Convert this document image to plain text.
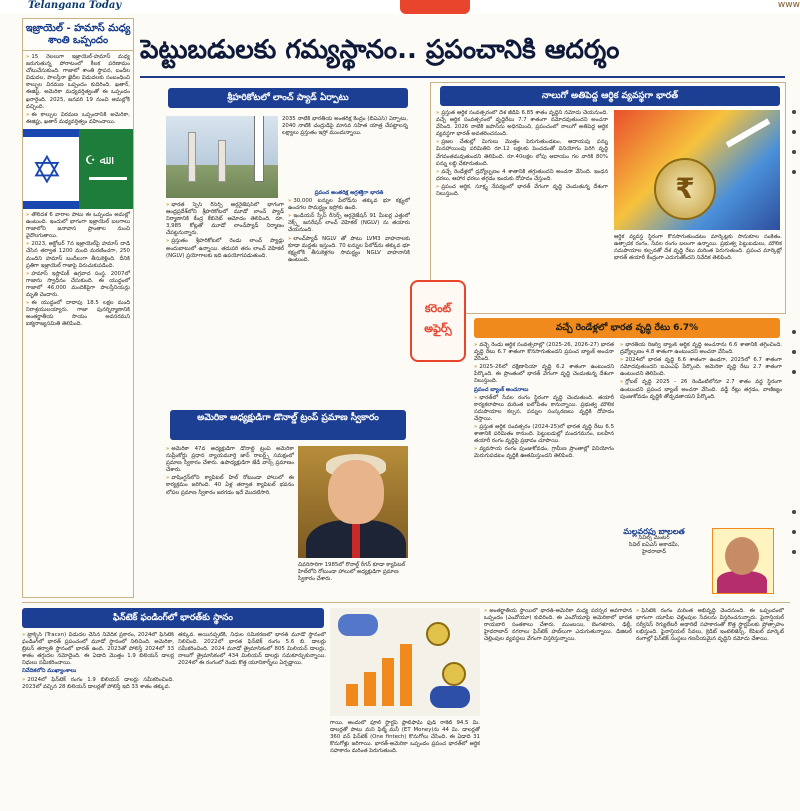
Telangana Today	www
ఇజ్రాయెల్ - హమాస్ మధ్య శాంతి ఒప్పందం

» 15 నెలలుగా ఇజ్రాయెల్-హమాస్ మధ్య జరుగుతున్న పోరాటంలో కీలక పరిణామం చోటుచేసుకుంది. గాజాలో శాంతి స్థాపన, బందీల విడుదల, పాలస్తీనా ఖైదీల విడుదలకు సంబంధించి కాల్పుల విరమణ ఒప్పందం కుదిరింది. ఖతార్, ఈజిప్ట్, అమెరికా మధ్యవర్తిత్వంతో ఈ ఒప్పందం ఖరారైంది. 2025, జనవరి 19 నుంచి అమల్లోకి వచ్చింది.

» ఈ కాల్పుల విరమణ ఒప్పందానికి అమెరికా, ఈజిప్టు, ఖతార్ మధ్యవర్తిత్వం వహించాయి.

✡ ☪ ﷲ

» తొలిదశ 6 వారాల పాటు ఈ ఒప్పందం అమల్లో ఉంటుంది. ఇందులో భాగంగా ఇజ్రాయెల్ బలగాలు గాజాలోని జనావాస ప్రాంతాల నుంచి వైదొలగుతాయి.

» 2023, అక్టోబర్ 7న ఇజ్రాయెల్‌పై హమాస్ దాడి చేసిన తర్వాత 1200 మంది మరణించగా, 250 మందిని హమాస్ బందీలుగా తీసుకెళ్లింది. దీనికి ప్రతిగా ఇజ్రాయెల్ గాజాపై విరుచుకుపడింది.

» హమాస్ ఇస్లామిక్ ఉగ్రవాద సంస్థ. 2007లో గాజాను స్వాధీనం చేసుకుంది. ఈ యుద్ధంలో గాజాలో 46,000 మందికిపైగా పాలస్తీనియన్లు మృతి చెందారు.

» ఈ యుద్ధంలో దాదాపు 18.5 లక్షల మంది నిరాశ్రయులయ్యారు. గాజా పునర్నిర్మాణానికి అంతర్జాతీయ సాయం అవసరమని ఐక్యరాజ్యసమితి తెలిపింది.

పెట్టుబడులకు గమ్యస్థానం.. ప్రపంచానికి ఆదర్శం
శ్రీహరికోటలో లాంచ్ ప్యాడ్ ఏర్పాటు

2035 నాటికి భారతీయ అంతరిక్ష కేంద్రం (బీఏఎస్) ఏర్పాటు, 2040 నాటికి చంద్రుడిపై మానవ సహిత యాత్ర చేపట్టాలన్న లక్ష్యాలు ప్రస్తుతం ఇస్రో ముందున్నాయి.

» భారత స్పేస్ రీసెర్చ్ ఆర్గనైజేషన్‌లో భాగంగా ఆంధ్రప్రదేశ్‌లోని శ్రీహరికోటలో మూడో లాంచ్ ప్యాడ్ నిర్మాణానికి కేంద్ర కేబినెట్ ఆమోదం తెలిపింది. రూ. 3,985 కోట్లతో మూడో లాంచ్‌ప్యాడ్ నిర్మాణం చేపట్టనున్నారు.

» ప్రస్తుతం శ్రీహరికోటలో రెండు లాంచ్ ప్యాడ్లు అందుబాటులో ఉన్నాయి. తదుపరి తరం లాంచ్ వెహికల్ (NGLV) ప్రయోగాలకు ఇది ఉపయోగపడుతుంది.

ప్రపంచ అంతరిక్ష అగ్రశక్తిగా భారత్

» 30,000 టన్నుల పేలోడ్‌ను తక్కువ భూ కక్ష్యలో ఉంచగల సామర్థ్యం ఇస్రోకు ఉంది.

» ఇండియన్ స్పేస్ రీసెర్చ్ ఆర్గనైజేషన్ 91 మీటర్ల ఎత్తులో నెక్స్ట్ జనరేషన్ లాంచ్ వెహికల్ (NGLV) ను తయారు చేయనుంది.

» లాంచ్‌ప్యాడ్ NGLV తో పాటు LVM3 వాహనాలకు కూడా మద్దతు ఇస్తుంది. 70 టన్నుల పేలోడ్‌ను తక్కువ భూ కక్ష్యలోకి తీసుకెళ్లగల సామర్థ్యం NGLV వాహనానికి ఉంటుంది.

నాలుగో అతిపెద్ద ఆర్థిక వ్యవస్థగా భారత్

» ప్రస్తుత ఆర్థిక సంవత్సరంలో దేశ జీడీపీ 6.85 శాతం వృద్ధిని నమోదు చేయనుంది. వచ్చే ఆర్థిక సంవత్సరంలో వృద్ధిరేటు 7.7 శాతంగా నమోదవుతుందని అంచనా వేసింది. 2026 నాటికి జపాన్‌ను అధిగమించి, ప్రపంచంలో నాలుగో అతిపెద్ద ఆర్థిక వ్యవస్థగా భారత్ అవతరించనుంది.

» ప్రజల చేతుల్లో మిగులు మొత్తం పెరుగుతుండటం, ఆదాయపు పన్ను మినహాయింపు పరిమితిని రూ.12 లక్షలకు పెంచడంతో వినియోగం పెరిగి వృద్ధి వేగవంతమవుతుందని తెలిపింది. రూ.40లక్షల లోపు ఆదాయం గల వారికి 80% పన్ను లబ్ధి చేకూరుతుంది.

» వచ్చే రెండేళ్లలో ద్రవ్యోల్బణం 4 శాతానికి తగ్గుతుందని అంచనా వేసింది. ఇంధన ధరలు, ఆహార ధరలు తగ్గడం ఇందుకు దోహదం చేస్తుంది.

» ప్రపంచ ఆర్థిక, సూక్ష్మ నేపథ్యంలో భారత్ వేగంగా వృద్ధి చెందుతున్న దేశంగా నిలుస్తుంది.	₹
ఆర్థిక వ్యవస్థ స్థిరంగా కొనసాగుతుండటం మార్కెట్లకు సానుకూల సంకేతం. ఉత్పాదక రంగం, సేవల రంగం బలంగా ఉన్నాయి. ప్రభుత్వ పెట్టుబడులు, మౌలిక సదుపాయాల కల్పనతో దేశ వృద్ధి రేటు మరింత పెరుగుతుంది. ప్రపంచ మార్కెట్లో భారత్ తయారీ కేంద్రంగా ఎదుగుతోందని నివేదిక తెలిపింది.
కరెంట్
అఫైర్స్
అమెరికా అధ్యక్షుడిగా డొనాల్డ్ ట్రంప్ ప్రమాణ స్వీకారం

» అమెరికా 47వ అధ్యక్షుడిగా డొనాల్డ్ ట్రంప్ అమెరికా సుప్రీంకోర్టు ప్రధాన న్యాయమూర్తి జాన్ రాబర్ట్స్ సమక్షంలో ప్రమాణ స్వీకారం చేశారు. ఉపాధ్యక్షుడిగా జేడీ వాన్స్ ప్రమాణం చేశారు.

» వాషింగ్టన్‌లోని క్యాపిటల్ హిల్ రోటుండా హాలులో ఈ కార్యక్రమం జరిగింది. 40 ఏళ్ల తర్వాత క్యాపిటల్ భవనం లోపల ప్రమాణ స్వీకారం జరగడం ఇదే మొదటిసారి.

చివరిసారిగా 1985లో రొనాల్డ్ రీగన్ కూడా క్యాపిటల్ హిల్‌లోని రోటుండా హాలులో అధ్యక్షుడిగా ప్రమాణ స్వీకారం చేశారు.
వచ్చే రెండేళ్లలో భారత వృద్ధి రేటు 6.7%

» వచ్చే రెండు ఆర్థిక సంవత్సరాల్లో (2025-26, 2026-27) భారత వృద్ధి రేటు 6.7 శాతంగా కొనసాగుతుందని ప్రపంచ బ్యాంక్ అంచనా వేసింది.

» 2025-26లో దక్షిణాసియా వృద్ధి 6.2 శాతంగా ఉంటుందని పేర్కొంది. ఈ ప్రాంతంలో భారత్ వేగంగా వృద్ధి చెందుతున్న దేశంగా నిలుస్తుంది.

ప్రపంచ బ్యాంక్ అంచనాలు

» భారత్‌లో సేవల రంగం స్థిరంగా వృద్ధి చెందుతుంది. తయారీ కార్యకలాపాలు మరింత బలోపేతం కానున్నాయి. ప్రభుత్వ మౌలిక సదుపాయాల కల్పన, పన్నుల సంస్కరణలు వృద్ధికి దోహదం చేస్తాయి.

» ప్రస్తుత ఆర్థిక సంవత్సరం (2024-25)లో భారత వృద్ధి రేటు 6.5 శాతానికి పరిమితం కానుంది. పెట్టుబడుల్లో మందగమనం, బలహీన తయారీ రంగం వృద్ధిపై ప్రభావం చూపాయి.

» వ్యవసాయ రంగం పుంజుకోవడం, గ్రామీణ ప్రాంతాల్లో వినియోగం మెరుగుపడటం వృద్ధికి ఊతమిస్తుందని తెలిపింది.

» భారతీయ రిజర్వ్ బ్యాంక్ ఆర్థిక వృద్ధి అంచనాను 6.6 శాతానికి తగ్గించింది. ద్రవ్యోల్బణం 4.8 శాతంగా ఉంటుందని అంచనా వేసింది.

» 2024లో భారత వృద్ధి 6.6 శాతంగా ఉండగా, 2025లో 6.7 శాతంగా నమోదవుతుందని ఐఎంఎఫ్ పేర్కొంది. అమెరికా వృద్ధి రేటు 2.7 శాతంగా ఉంటుందని తెలిపింది.

» గ్లోబల్ వృద్ధి 2025 - 26 రెండింటిలోనూ 2.7 శాతం వద్ద స్థిరంగా ఉంటుందని ప్రపంచ బ్యాంక్ అంచనా వేసింది. వడ్డీ రేట్లు తగ్గడం, వాణిజ్యం పుంజుకోవడం వృద్ధికి తోడ్పడతాయని పేర్కొంది.

మల్లవరపు బాలలత
సివిల్స్ మెంటర్
సివిల్ ఐఏఎస్ అకాడమీ,
హైదరాబాద్
ఫిన్‌టెక్ ఫండింగ్‌లో భారత్‌కు స్థానం

» ట్రాక్స్‌న్ (Tracxn) విడుదల చేసిన నివేదిక ప్రకారం, 2024లో ఫిన్‌టెక్ ఫండింగ్‌లో భారత్ ప్రపంచంలో మూడో స్థానంలో నిలిచింది. అమెరికా, బ్రిటన్ తర్వాతి స్థానంలో భారత్ ఉంది. 2023తో పోలిస్తే 2024లో 33 శాతం తగ్గుదల నమోదైంది. ఈ ఏడాది మొత్తం 1.9 బిలియన్ డాలర్ల నిధులు సమీకరించాయి.

నివేదికలోని ముఖ్యాంశాలు

» 2024లో ఫిన్‌టెక్ రంగం 1.9 బిలియన్ డాలర్లు సమీకరించింది. 2023లో వచ్చిన 28 బిలియన్ డాలర్లతో పోలిస్తే ఇది 33 శాతం తక్కువ.

తక్కువ. అయినప్పటికీ, నిధుల సమీకరణలో భారత్ మూడో స్థానంలో నిలిచింది. 2022లో భారత ఫిన్‌టెక్ రంగం 5.6 బి. డాలర్లు సమీకరించింది. 2024 మూడో త్రైమాసికంలో 805 మిలియన్ డాలర్లు, నాలుగో త్రైమాసికంలో 434 మిలియన్ డాలర్లు సమకూర్చుకున్నాయి. 2024లో ఈ రంగంలో రెండు కొత్త యూనికార్న్‌లు ఏర్పడ్డాయి.

గాయి. అందులో ఫూల్ స్టార్టప్ ప్లాట్‌ఫామ్ ఫుడ్ రాకెట్ 94.5 మి. డాలర్లతో పాటు మని ఫిల్మ్ మనీ (ET Money)ను 44 మి. డాలర్లతో 360 వన్ ఫిన్‌టెక్ (One fintech) కొనుగోలు చేసింది. ఈ ఏడాది 31 కొనుగోళ్లు జరిగాయి. భారత్-అమెరికా ఒప్పందం ప్రపంచ భారత్‌లో ఆర్థిక సహకారం మరింత పెరుగుతుంది.

» అంతర్జాతీయ స్థాయిలో భారత్-అమెరికా మధ్య పరస్పర అవగాహన ఒప్పందం (ఎంవోయూ) కుదిరింది. ఈ ఎంవోయూపై అమెరికాలో భారత రాయబారి సంతకాలు చేశారు. ముంబయి, బెంగళూరు, ఢిల్లీ, హైదరాబాద్ నగరాలు ఫిన్‌టెక్ హబ్‌లుగా ఎదుగుతున్నాయి. డిజిటల్ చెల్లింపుల వ్యవస్థలు వేగంగా విస్తరిస్తున్నాయి.

» ఫిన్‌టెక్ రంగం మరింత అభివృద్ధి చెందనుంది. ఈ ఒప్పందంలో భాగంగా యూపీఐ చెల్లింపుల సేవలను విస్తరించనున్నారు. ఫైనాన్షియల్ సర్వీసెస్ రెగ్యులేటరీ అథారిటీ సహకారంతో కొత్త స్టార్టప్‌లకు ప్రోత్సాహం లభిస్తుంది. ఫైనాన్షియల్ సేవలు, క్రెడిట్ ఇంటెలిజెన్స్, కేపిటల్ మార్కెట్ రంగాల్లో ఫిన్‌టెక్ సంస్థలు గణనీయమైన వృద్ధిని నమోదు చేశాయి.
